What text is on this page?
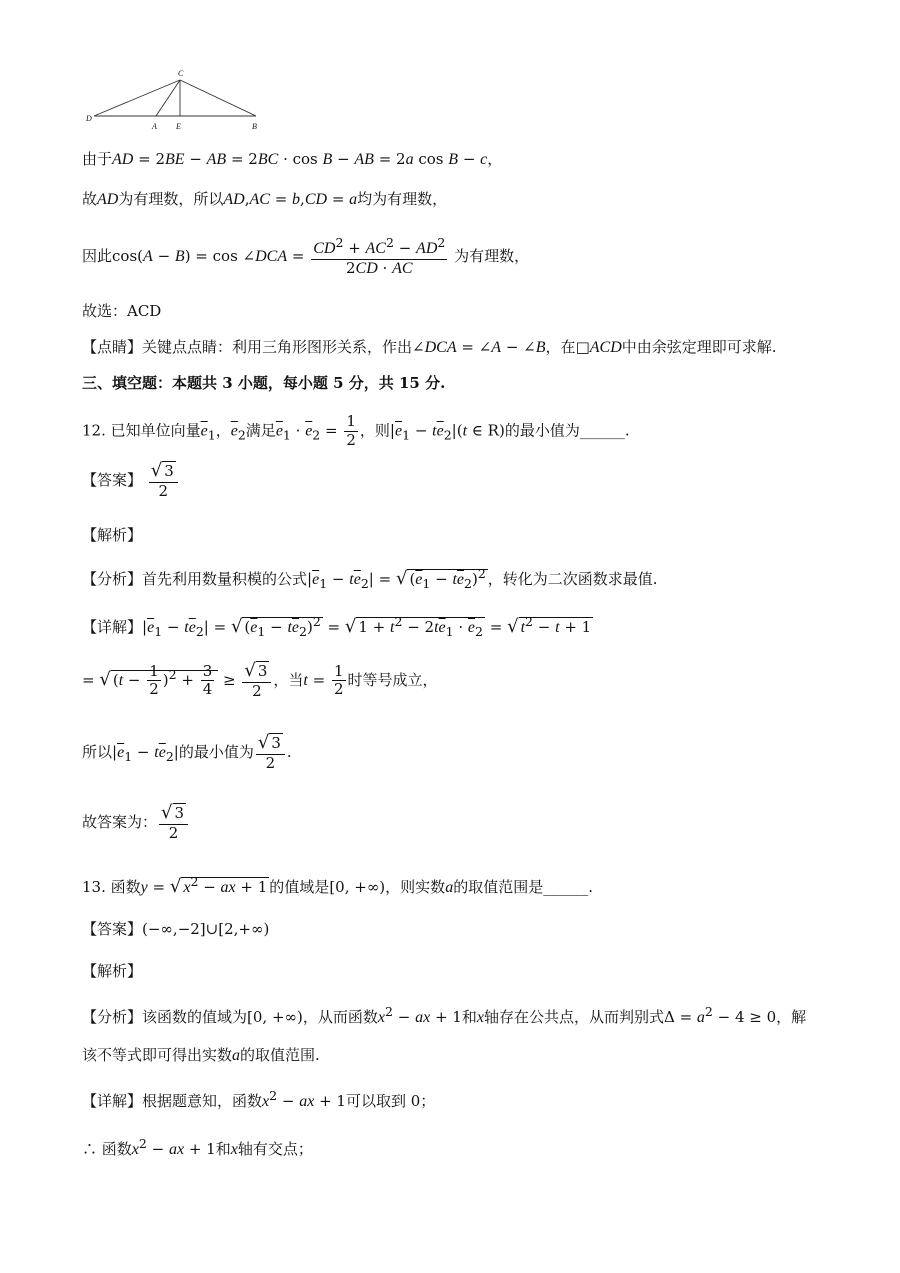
C
D
A E	B
由于AD = 2BE − AB = 2BC · cos B − AB = 2a cos B − c，
故AD为有理数，所以AD,AC = b,CD = a均为有理数，
因此cos(A − B) = cos ∠DCA = $\frac{CD^2 + AC^2 - AD^2}{2CD \cdot AC}$ 为有理数，
故选：ACD
【点睛】关键点点睛：利用三角形图形关系，作出∠DCA = ∠A − ∠B，在□ACD中由余弦定理即可求解.
三、填空题：本题共 3 小题，每小题 5 分，共 15 分.
12. 已知单位向量$\overline{e}_1$，$\overline{e}_2$满足$\overline{e}_1 \cdot \overline{e}_2 = \frac{1}{2}$ ，则$|\overline{e}_1 - t\overline{e}_2|(t$ ∈ R)的最小值为______.
【答案】 $\frac{√ 3}{2}$
【解析】
【分析】首先利用数量积模的公式$|\overline{e}_1 - t\overline{e}_2|$ = √ $(\overline{e}_1 - t\overline{e}_2)^2$ ，转化为二次函数求最值.
【详解】$|\overline{e}_1 - t\overline{e}_2|$ = √ $(\overline{e}_1 - t\overline{e}_2)^2$ = √ $1 + t^2 - 2t\overline{e}_1 \cdot \overline{e}_2$ = √ $t^2 - t + 1$
= √ $(t - \frac{1}{2} )^2 + \frac{3}{4} \ge \frac{√ 3}{2}$ ，当$t = \frac{1}{2}$ 时等号成立，
所以$|\overline{e}_1 - t\overline{e}_2|$的最小值为 $\frac{√ 3}{2}$ .
故答案为： $\frac{√ 3}{2}$
13. 函数y = √ $x^2$ − ax + 1 的值域是[0, +∞)，则实数a的取值范围是______.
【答案】(−∞,−2]∪[2,+∞)
【解析】
【分析】该函数的值域为[0, +∞)，从而函数$x^2$ − ax + 1和x轴存在公共点，从而判别式$\Delta = a^2 - 4 \ge 0$，解
该不等式即可得出实数a的取值范围.
【详解】根据题意知，函数$x^2$ − ax + 1可以取到 0；
∴ 函数$x^2$ − ax + 1和x轴有交点；
